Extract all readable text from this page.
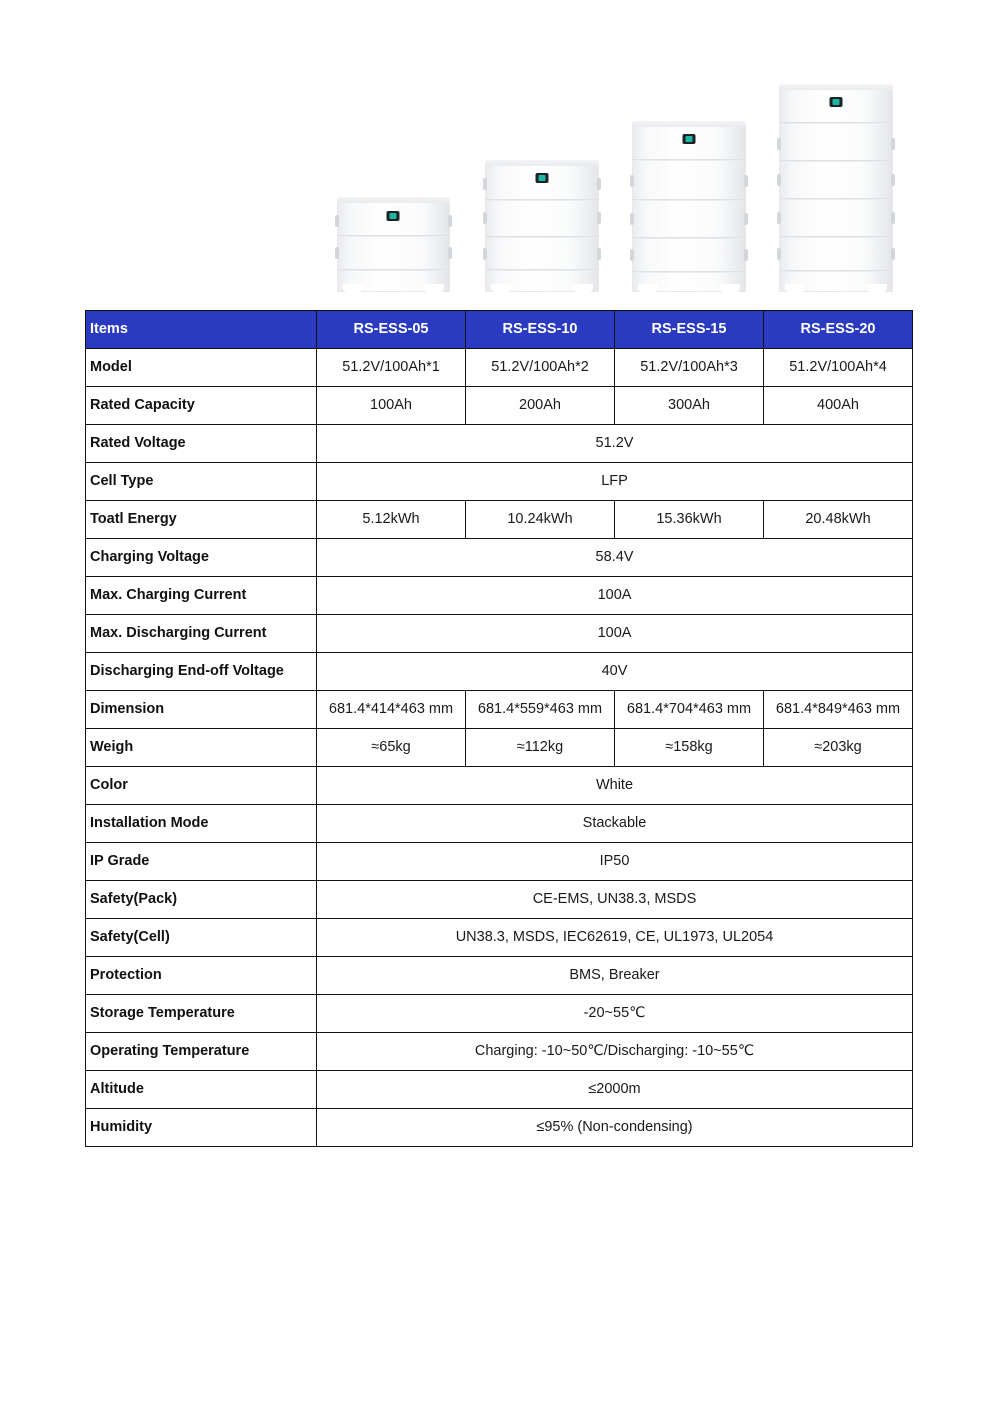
Items	RS-ESS-05	RS-ESS-10	RS-ESS-15	RS-ESS-20
Model	51.2V/100Ah*1	51.2V/100Ah*2	51.2V/100Ah*3	51.2V/100Ah*4
Rated Capacity	100Ah	200Ah	300Ah	400Ah
Rated Voltage	51.2V			
Cell Type	LFP			
Toatl Energy	5.12kWh	10.24kWh	15.36kWh	20.48kWh
Charging Voltage	58.4V			
Max. Charging Current	100A			
Max. Discharging Current	100A			
Discharging End-off Voltage	40V			
Dimension	681.4*414*463 mm	681.4*559*463 mm	681.4*704*463 mm	681.4*849*463 mm
Weigh	≈65kg	≈112kg	≈158kg	≈203kg
Color	White			
Installation Mode	Stackable			
IP Grade	IP50			
Safety(Pack)	CE-EMS, UN38.3, MSDS			
Safety(Cell)	UN38.3, MSDS, IEC62619, CE, UL1973, UL2054			
Protection	BMS, Breaker			
Storage Temperature	-20~55℃			
Operating Temperature	Charging: -10~50℃/Discharging: -10~55℃			
Altitude	≤2000m			
Humidity	≤95% (Non-condensing)			
